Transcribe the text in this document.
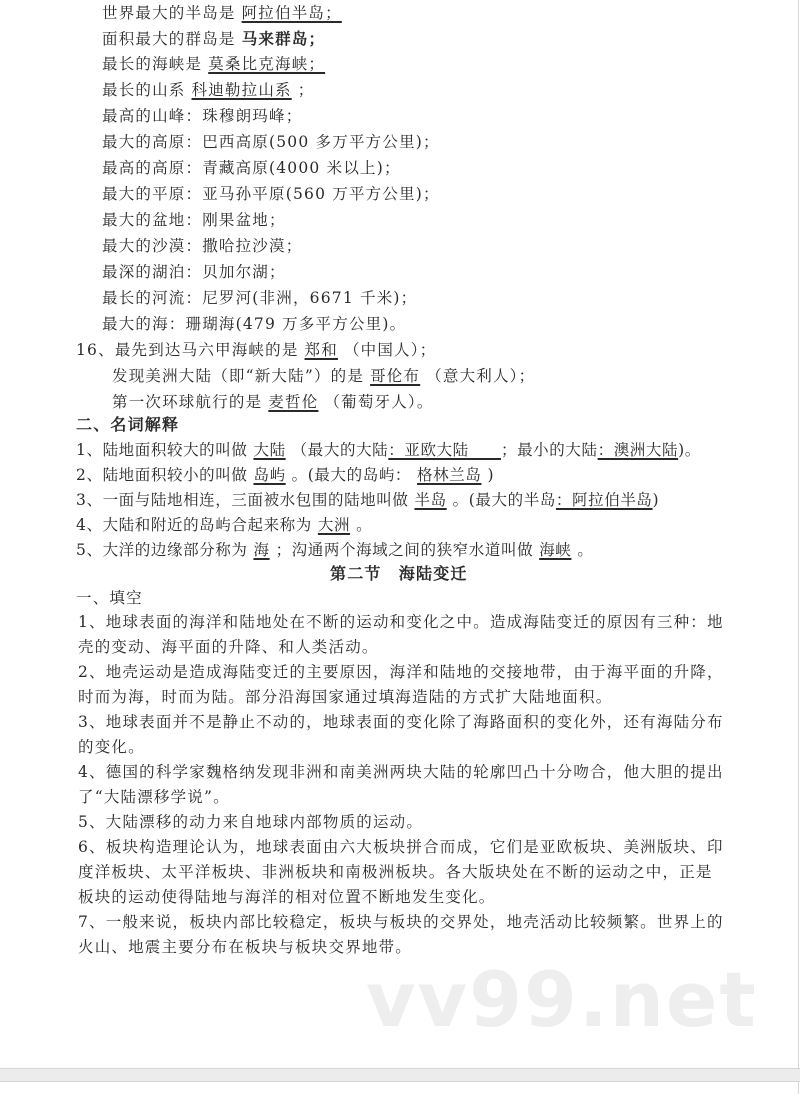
世界最大的半岛是 阿拉伯半岛；
面积最大的群岛是 马来群岛；
最长的海峡是 莫桑比克海峡；
最长的山系 科迪勒拉山系 ；
最高的山峰：珠穆朗玛峰；
最大的高原：巴西高原(500 多万平方公里)；
最高的高原：青藏高原(4000 米以上)；
最大的平原：亚马孙平原(560 万平方公里)；
最大的盆地：刚果盆地；
最大的沙漠：撒哈拉沙漠；
最深的湖泊：贝加尔湖；
最长的河流：尼罗河(非洲，6671 千米)；
最大的海：珊瑚海(479 万多平方公里)。
16、最先到达马六甲海峡的是 郑和 （中国人）；
发现美洲大陆（即“新大陆”）的是 哥伦布 （意大利人）；
第一次环球航行的是 麦哲伦 （葡萄牙人）。
二、名词解释
1、陆地面积较大的叫做 大陆 （最大的大陆：亚欧大陆　　；最小的大陆：澳洲大陆)。
2、陆地面积较小的叫做 岛屿 。(最大的岛屿： 格林兰岛 )
3、一面与陆地相连，三面被水包围的陆地叫做 半岛 。(最大的半岛：阿拉伯半岛)
4、大陆和附近的岛屿合起来称为 大洲 。
5、大洋的边缘部分称为 海 ；沟通两个海域之间的狭窄水道叫做 海峡 。
第二节　海陆变迁
一、填空
1、地球表面的海洋和陆地处在不断的运动和变化之中。造成海陆变迁的原因有三种：地壳的变动、海平面的升降、和人类活动。
2、地壳运动是造成海陆变迁的主要原因，海洋和陆地的交接地带，由于海平面的升降，时而为海，时而为陆。部分沿海国家通过填海造陆的方式扩大陆地面积。
3、地球表面并不是静止不动的，地球表面的变化除了海路面积的变化外，还有海陆分布的变化。
4、德国的科学家魏格纳发现非洲和南美洲两块大陆的轮廓凹凸十分吻合，他大胆的提出了“大陆漂移学说”。
5、大陆漂移的动力来自地球内部物质的运动。
6、板块构造理论认为，地球表面由六大板块拼合而成，它们是亚欧板块、美洲版块、印度洋板块、太平洋板块、非洲板块和南极洲板块。各大版块处在不断的运动之中，正是板块的运动使得陆地与海洋的相对位置不断地发生变化。
7、一般来说，板块内部比较稳定，板块与板块的交界处，地壳活动比较频繁。世界上的火山、地震主要分布在板块与板块交界地带。
vv99.net
